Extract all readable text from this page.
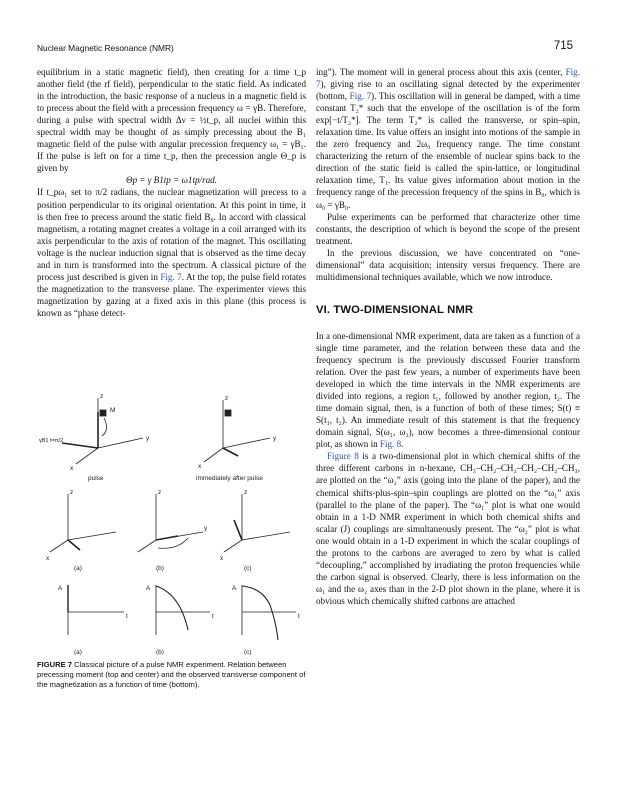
Nuclear Magnetic Resonance (NMR)	715

equilibrium in a static magnetic field), then creating for a time t_p another field (the rf field), perpendicular to the static field. As indicated in the introduction, the basic response of a nucleus in a magnetic field is to precess about the field with a precession frequency ω = γB. Therefore, during a pulse with spectral width Δν = ½t_p, all nuclei within this spectral width may be thought of as simply precessing about the B₁ magnetic field of the pulse with angular precession frequency ω₁ = γB₁. If the pulse is left on for a time t_p, then the precession angle Θ_p is given by

Θp = γ B1tp = ω1tp/rad.

If t_pω₁ set to π/2 radians, the nuclear magnetization will precess to a position perpendicular to its original orientation. At this point in time, it is then free to precess around the static field B₀. In accord with classical magnetism, a rotating magnet creates a voltage in a coil arranged with its axis perpendicular to the axis of rotation of the magnet. This oscillating voltage is the nuclear induction signal that is observed as the time decay and in turn is transformed into the spectrum. A classical picture of the process just described is given in Fig. 7. At the top, the pulse field rotates the magnetization to the transverse plane. The experimenter views this magnetization by gazing at a fixed axis in this plane (this process is known as “phase detect-

z
y
x
γB1 t=π/2
M
pulse
z
y
x
immediately after pulse
z
x
z
y
z
x
(a)	(b)	(c)
A
t
A
t
A
t
(a)	(b)	(c)
FIGURE 7 Classical picture of a pulse NMR experiment. Relation between precessing moment (top and center) and the observed transverse component of the magnetization as a function of time (bottom).

ing”). The moment will in general process about this axis (center, Fig. 7), giving rise to an oscillating signal detected by the experimenter (bottom, Fig. 7). This oscillation will in general be damped, with a time constant T₂* such that the envelope of the oscillation is of the form exp[−t/T₂*]. The term T₂* is called the transverse, or spin–spin, relaxation time. Its value offers an insight into motions of the sample in the zero frequency and 2ω₀ frequency range. The time constant characterizing the return of the ensemble of nuclear spins back to the direction of the static field is called the spin-lattice, or longitudinal relaxation time, T₁. Its value gives information about motion in the frequency range of the precession frequency of the spins in B₀, which is ω₀ = γB₀.

Pulse experiments can be performed that characterize other time constants, the description of which is beyond the scope of the present treatment.

In the previous discussion, we have concentrated on “one-dimensional” data acquisition; intensity versus frequency. There are multidimensional techniques available, which we now introduce.

VI. TWO-DIMENSIONAL NMR

In a one-dimensional NMR experiment, data are taken as a function of a single time parameter, and the relation between these data and the frequency spectrum is the previously discussed Fourier transform relation. Over the past few years, a number of experiments have been developed in which the time intervals in the NMR experiments are divided into regions, a region t₁, followed by another region, t₂. The time domain signal, then, is a function of both of these times; S(t) ≡ S(t₁, t₂). An immediate result of this statement is that the frequency domain signal, S(ω₁, ω₂), now becomes a three-dimensional contour plot, as shown in Fig. 8.

Figure 8 is a two-dimensional plot in which chemical shifts of the three different carbons in n-hexane, CH₃–CH₂–CH₂–CH₂–CH₂–CH₃, are plotted on the “ω₂” axis (going into the plane of the paper), and the chemical shifts-plus-spin–spin couplings are plotted on the “ω₁” axis (parallel to the plane of the paper). The “ω₁” plot is what one would obtain in a 1-D NMR experiment in which both chemical shifts and scalar (J) couplings are simultaneously present. The “ω₂” plot is what one would obtain in a 1-D experiment in which the scalar couplings of the protons to the carbons are averaged to zero by what is called “decoupling,” accomplished by irradiating the proton frequencies while the carbon signal is observed. Clearly, there is less information on the ω₁ and the ω₂ axes than in the 2-D plot shown in the plane, where it is obvious which chemically shifted carbons are attached
